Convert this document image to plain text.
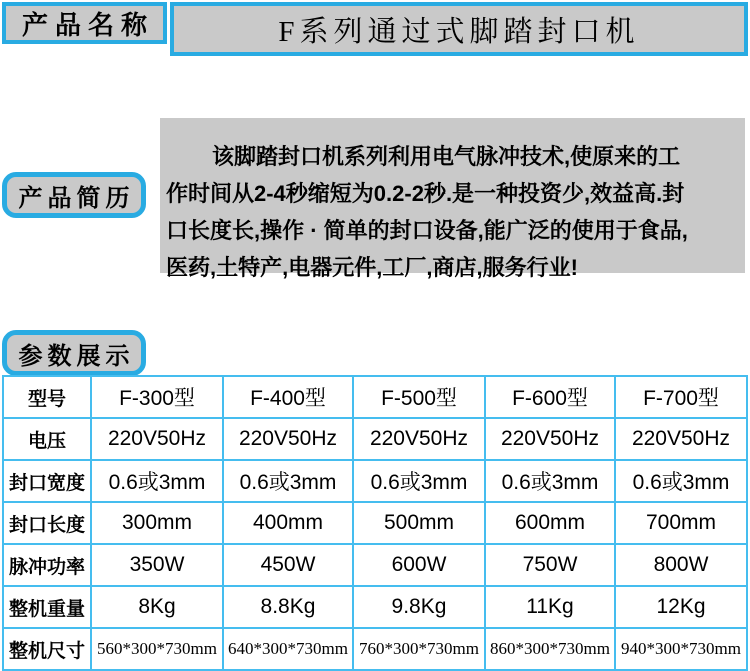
产品名称	F系列通过式脚踏封口机
产品简历
该脚踏封口机系列利用电气脉冲技术,使原来的工
作时间从2-4秒缩短为0.2-2秒.是一种投资少,效益高.封
口长度长,操作 · 简单的封口设备,能广泛的使用于食品,
医药,土特产,电器元件,工厂,商店,服务行业!
参数展示
型号	F-300型	F-400型	F-500型	F-600型	F-700型
电压	220V50Hz	220V50Hz	220V50Hz	220V50Hz	220V50Hz
封口宽度	0.6或3mm	0.6或3mm	0.6或3mm	0.6或3mm	0.6或3mm
封口长度	300mm	400mm	500mm	600mm	700mm
脉冲功率	350W	450W	600W	750W	800W
整机重量	8Kg	8.8Kg	9.8Kg	11Kg	12Kg
整机尺寸	560*300*730mm	640*300*730mm	760*300*730mm	860*300*730mm	940*300*730mm
